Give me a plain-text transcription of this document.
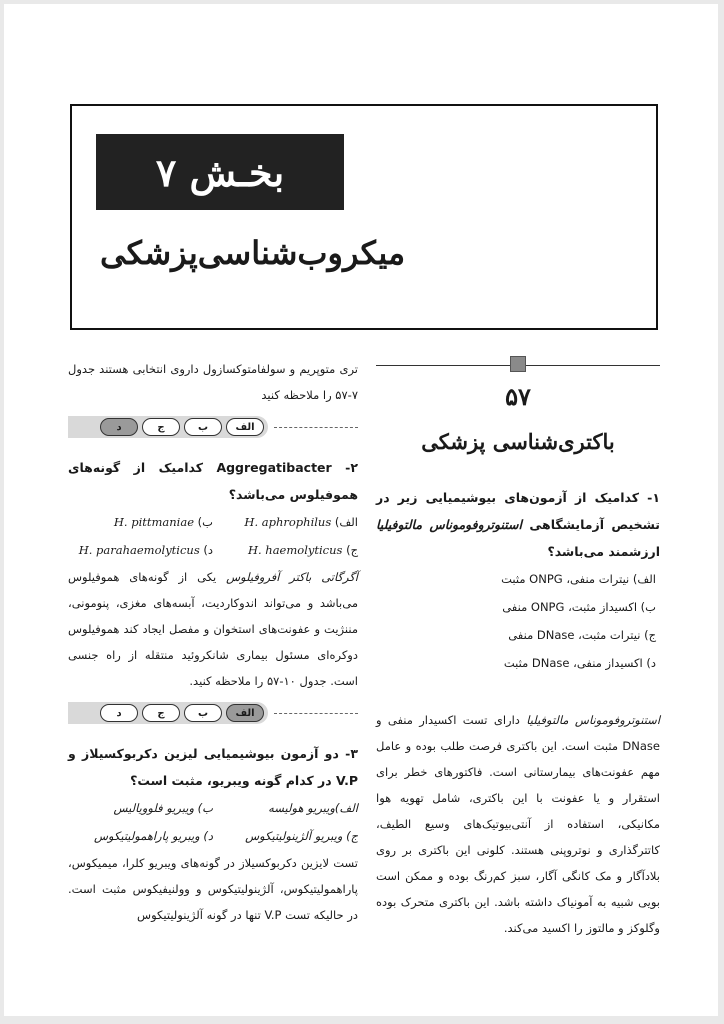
بخـش ۷
میکروب‌شناسی‌پزشکی
۵۷
باکتری‌شناسی پزشکی
۱- کدامیک از آزمون‌های بیوشیمیایی زیر در تشخیص آزمایشگاهی استنوتروفوموناس مالتوفیلیا ارزشمند می‌باشد؟
الف) نیترات منفی، ONPG مثبت
ب) اکسیداز مثبت، ONPG منفی
ج) نیترات مثبت، DNase منفی
د) اکسیداز منفی، DNase مثبت
استنوتروفوموناس مالتوفیلیا دارای تست اکسیدار منفی و DNase مثبت است. این باکتری فرصت طلب بوده و عامل مهم عفونت‌های بیمارستانی است. فاکتورهای خطر برای استقرار و یا عفونت با این باکتری، شامل تهویه هوا مکانیکی، استفاده از آنتی‌بیوتیک‌های وسیع الطیف، کاتترگذاری و نوتروپنی هستند. کلونی این باکتری بر روی بلادآگار و مک کانگی آگار، سبز کم‌رنگ بوده و ممکن است بویی شبیه به آمونیاک داشته باشد. این باکتری متحرک بوده وگلوکز و مالتوز را اکسید می‌کند.
تری متوپریم و سولفامتوکسازول داروی انتخابی هستند جدول ۷-۵۷ را ملاحظه کنید
الف
ب
ج
د
۲- Aggregatibacter کدامیک از گونه‌های هموفیلوس می‌باشد؟
الف) H. aphrophilus
ب) H. pittmaniae
ج) H. haemolyticus
د) H. parahaemolyticus
آگرگاتی باکتر آفروفیلوس یکی از گونه‌های هموفیلوس می‌باشد و می‌تواند اندوکاردیت، آبسه‌های مغزی، پنومونی، مننژیت و عفونت‌های استخوان و مفصل ایجاد کند هموفیلوس دوکره‌ای مسئول بیماری شانکروئید منتقله از راه جنسی است. جدول ۱۰-۵۷ را ملاحظه کنید.
الف
ب
ج
د
۳- دو آزمون بیوشیمیایی لیزین دکربوکسیلاز و V.P در کدام گونه ویبریو، مثبت است؟
الف)ویبریو هولیسه
ب) ویبریو فلوویالیس
ج) ویبریو آلژینولیتیکوس
د) ویبریو پاراهمولیتیکوس
تست لایزین دکربوکسیلاز در گونه‌های ویبریو کلرا، میمیکوس، پاراهمولیتیکوس، آلژینولیتیکوس و وولنیفیکوس مثبت است. در حالیکه تست V.P تنها در گونه آلژینولیتیکوس
